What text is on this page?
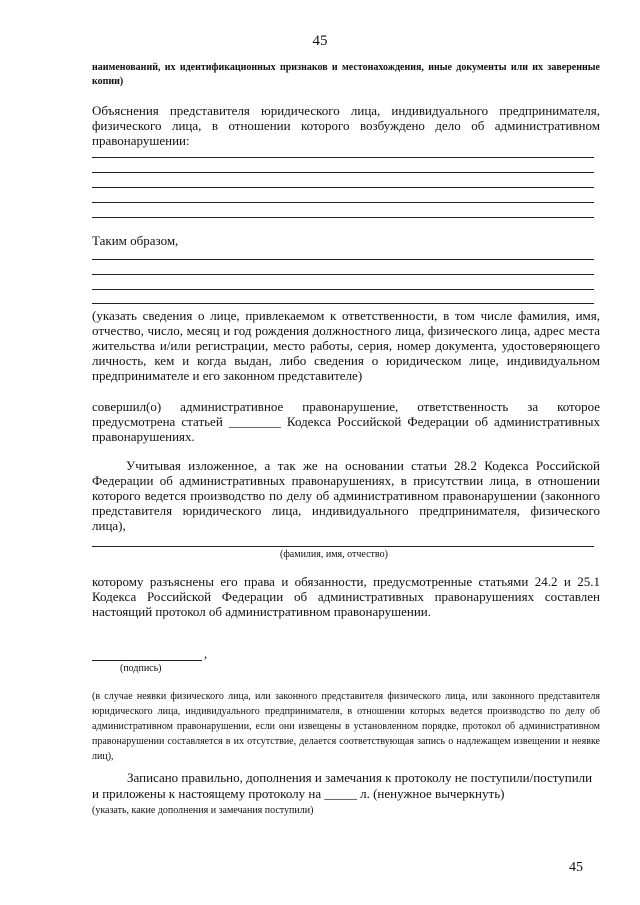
45
наименований, их идентификационных признаков и местонахождения, иные документы или их заверенные копии)
Объяснения представителя юридического лица, индивидуального предпринимателя, физического лица, в отношении которого возбуждено дело об административном правонарушении:
Таким образом,
(указать сведения о лице, привлекаемом к ответственности, в том числе фамилия, имя, отчество, число, месяц и год рождения должностного лица, физического лица, адрес места жительства и/или регистрации, место работы, серия, номер документа, удостоверяющего личность, кем и когда выдан, либо сведения о юридическом лице, индивидуальном предпринимателе и его законном представителе)
совершил(о) административное правонарушение, ответственность за которое предусмотрена статьей ________ Кодекса Российской Федерации об административных правонарушениях.
Учитывая изложенное, а так же на основании статьи 28.2 Кодекса Российской Федерации об административных правонарушениях, в присутствии лица, в отношении которого ведется производство по делу об административном правонарушении (законного представителя юридического лица, индивидуального предпринимателя, физического лица),
(фамилия, имя, отчество)
которому разъяснены его права и обязанности, предусмотренные статьями 24.2 и 25.1 Кодекса Российской Федерации об административных правонарушениях составлен настоящий протокол об административном правонарушении.
,
(подпись)
(в случае неявки физического лица, или законного представителя физического лица, или законного представителя юридического лица, индивидуального предпринимателя, в отношении которых ведется производство по делу об административном правонарушении, если они извещены в установленном порядке, протокол об административном правонарушении составляется в их отсутствие, делается соответствующая запись о надлежащем извещении и неявке лиц),
Записано правильно, дополнения и замечания к протоколу не поступили/поступили
и приложены к настоящему протоколу на _____ л. (ненужное вычеркнуть)
(указать, какие дополнения и замечания поступили)
45
